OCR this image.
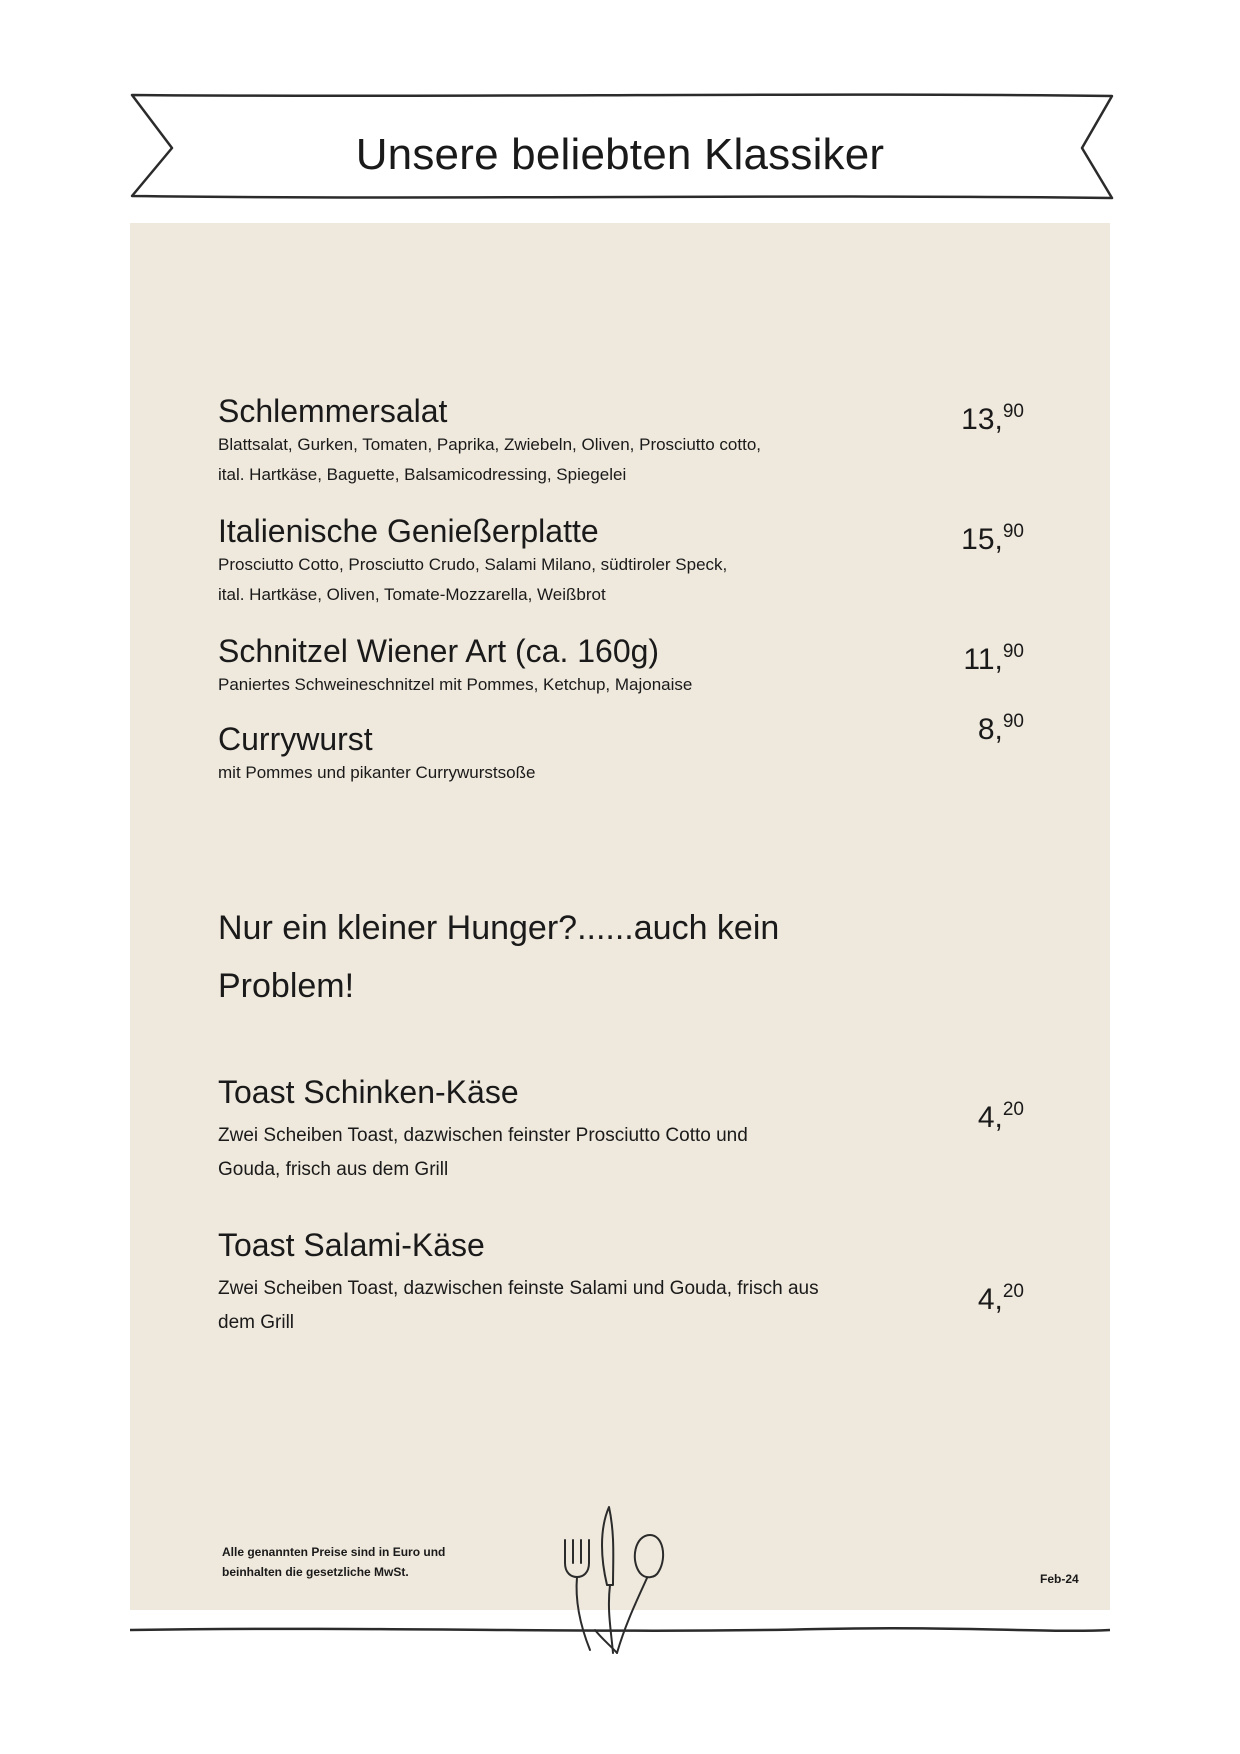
Unsere beliebten Klassiker
Schlemmersalat
Blattsalat, Gurken, Tomaten, Paprika, Zwiebeln, Oliven, Prosciutto cotto,
ital. Hartkäse, Baguette, Balsamicodressing, Spiegelei
13,90
Italienische Genießerplatte
Prosciutto Cotto, Prosciutto Crudo, Salami Milano, südtiroler Speck,
ital. Hartkäse, Oliven, Tomate-Mozzarella, Weißbrot
15,90
Schnitzel Wiener Art (ca. 160g)
Paniertes Schweineschnitzel mit Pommes, Ketchup, Majonaise
11,90
Currywurst
mit Pommes und pikanter Currywurstsoße
8,90
Nur ein kleiner Hunger?......auch kein
Problem!
Toast Schinken-Käse
Zwei Scheiben Toast, dazwischen feinster Prosciutto Cotto und
Gouda, frisch aus dem Grill
4,20
Toast Salami-Käse
Zwei Scheiben Toast, dazwischen feinste Salami und Gouda, frisch aus
dem Grill
4,20
Alle genannten Preise sind in Euro und
beinhalten die gesetzliche MwSt.	Feb-24
